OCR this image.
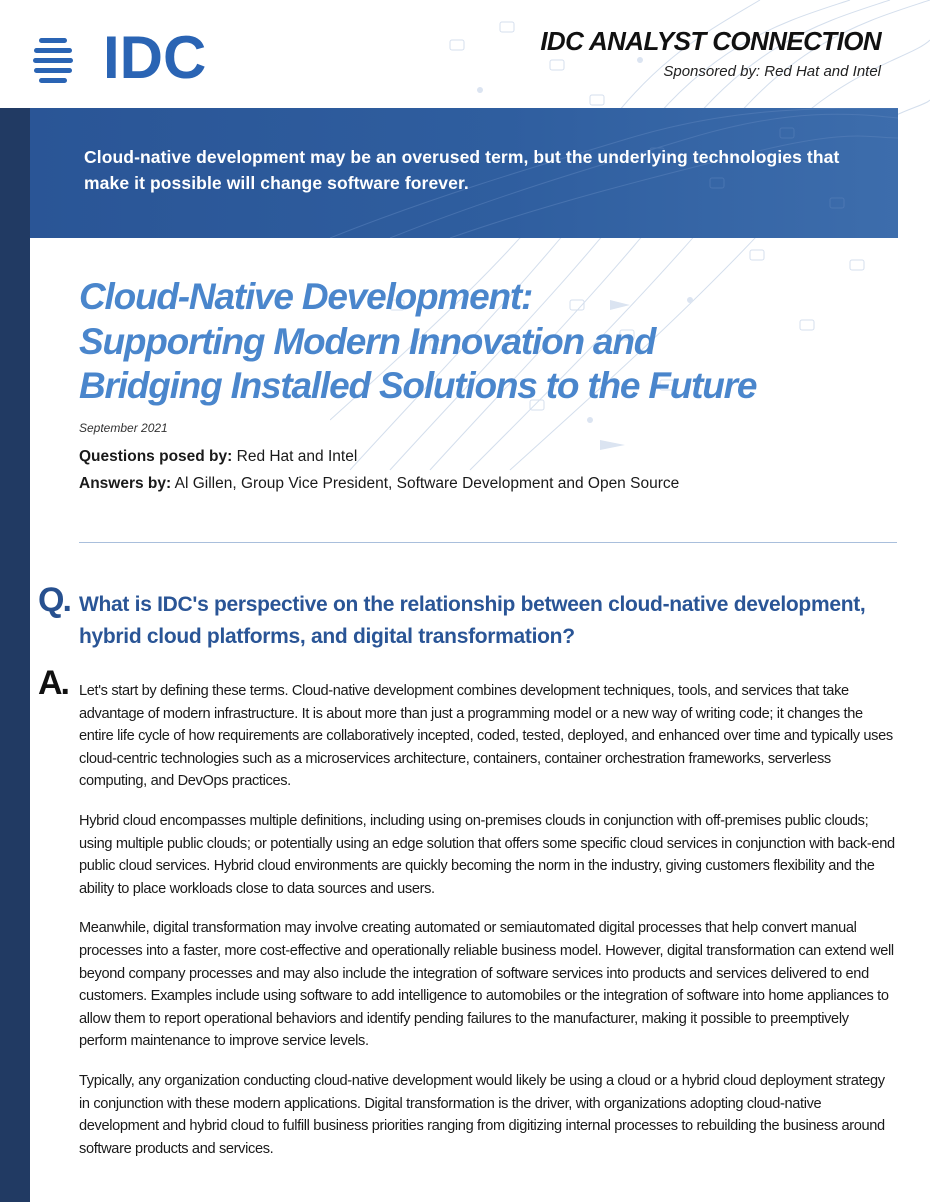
IDC	IDC ANALYST CONNECTION
Sponsored by: Red Hat and Intel
Cloud-native development may be an overused term, but the underlying technologies that make it possible will change software forever.
Cloud-Native Development:
Supporting Modern Innovation and
Bridging Installed Solutions to the Future
September 2021
Questions posed by: Red Hat and Intel
Answers by: Al Gillen, Group Vice President, Software Development and Open Source
Q. What is IDC's perspective on the relationship between cloud-native development, hybrid cloud platforms, and digital transformation?
A. Let's start by defining these terms. Cloud-native development combines development techniques, tools, and services that take advantage of modern infrastructure. It is about more than just a programming model or a new way of writing code; it changes the entire life cycle of how requirements are collaboratively incepted, coded, tested, deployed, and enhanced over time and typically uses cloud-centric technologies such as a microservices architecture, containers, container orchestration frameworks, serverless computing, and DevOps practices.

Hybrid cloud encompasses multiple definitions, including using on-premises clouds in conjunction with off-premises public clouds; using multiple public clouds; or potentially using an edge solution that offers some specific cloud services in conjunction with back-end public cloud services. Hybrid cloud environments are quickly becoming the norm in the industry, giving customers flexibility and the ability to place workloads close to data sources and users.

Meanwhile, digital transformation may involve creating automated or semiautomated digital processes that help convert manual processes into a faster, more cost-effective and operationally reliable business model. However, digital transformation can extend well beyond company processes and may also include the integration of software services into products and services delivered to end customers. Examples include using software to add intelligence to automobiles or the integration of software into home appliances to allow them to report operational behaviors and identify pending failures to the manufacturer, making it possible to preemptively perform maintenance to improve service levels.

Typically, any organization conducting cloud-native development would likely be using a cloud or a hybrid cloud deployment strategy in conjunction with these modern applications. Digital transformation is the driver, with organizations adopting cloud-native development and hybrid cloud to fulfill business priorities ranging from digitizing internal processes to rebuilding the business around software products and services.
